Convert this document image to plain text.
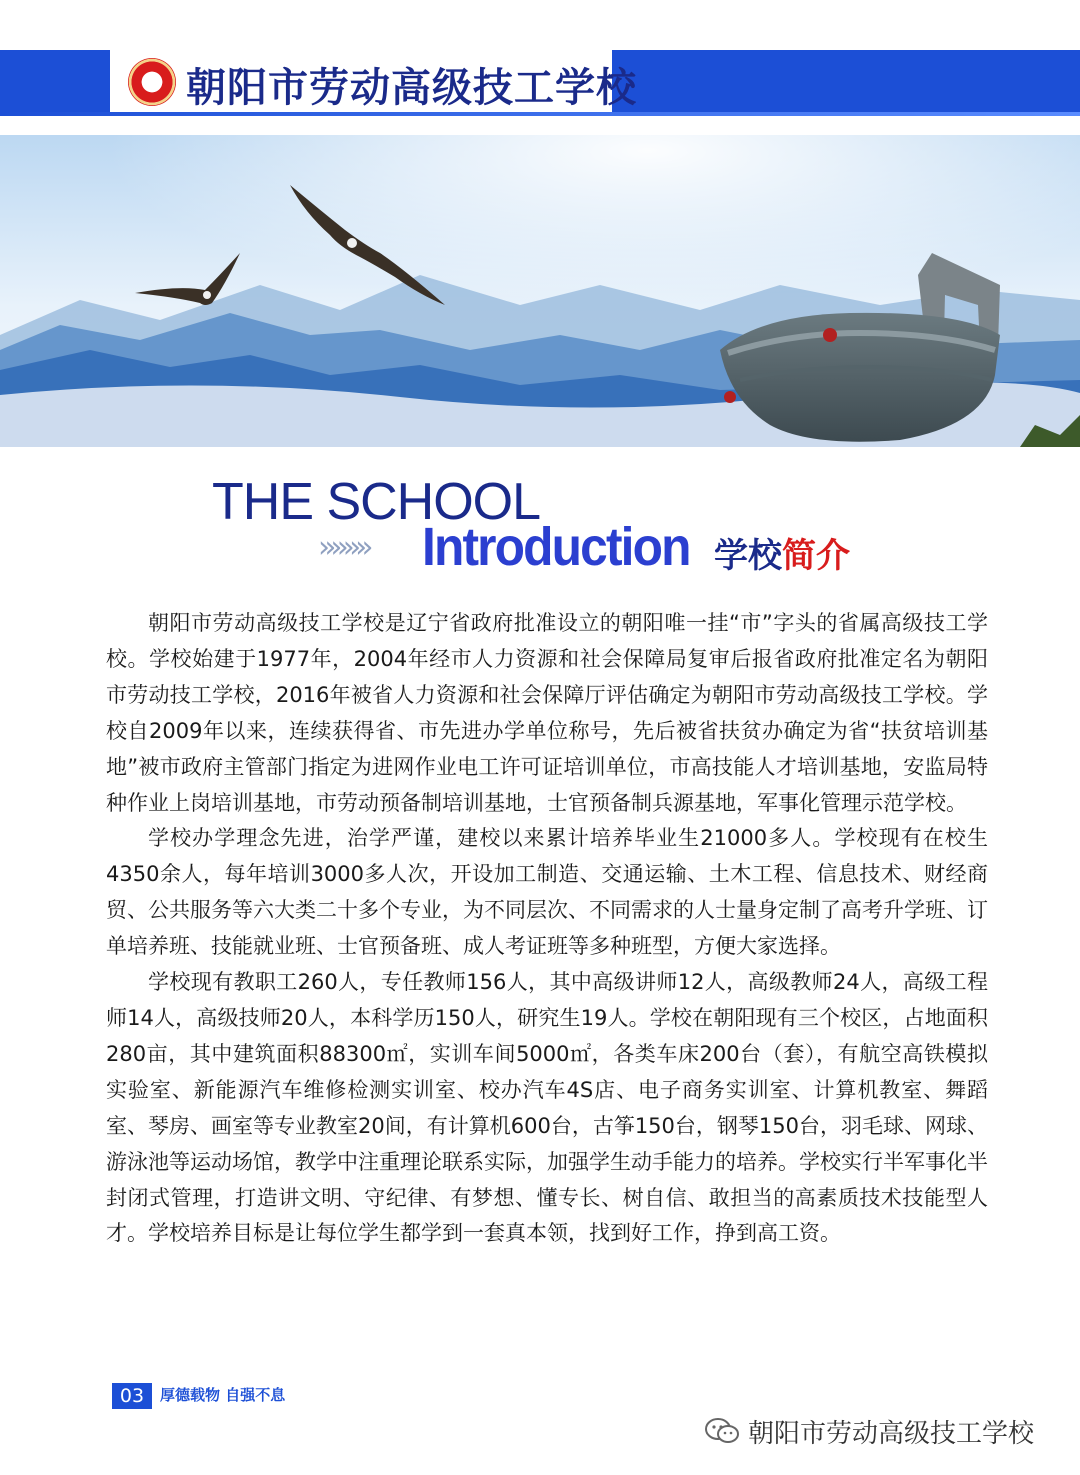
朝阳市劳动高级技工学校
THE SCHOOL
»»»» Introduction 学校简介

朝阳市劳动高级技工学校是辽宁省政府批准设立的朝阳唯一挂“市”字头的省属高级技工学校。学校始建于1977年，2004年经市人力资源和社会保障局复审后报省政府批准定名为朝阳市劳动技工学校，2016年被省人力资源和社会保障厅评估确定为朝阳市劳动高级技工学校。学校自2009年以来，连续获得省、市先进办学单位称号，先后被省扶贫办确定为省“扶贫培训基地”被市政府主管部门指定为进网作业电工许可证培训单位，市高技能人才培训基地，安监局特种作业上岗培训基地，市劳动预备制培训基地，士官预备制兵源基地，军事化管理示范学校。

学校办学理念先进，治学严谨，建校以来累计培养毕业生21000多人。学校现有在校生4350余人，每年培训3000多人次，开设加工制造、交通运输、土木工程、信息技术、财经商贸、公共服务等六大类二十多个专业，为不同层次、不同需求的人士量身定制了高考升学班、订单培养班、技能就业班、士官预备班、成人考证班等多种班型，方便大家选择。

学校现有教职工260人，专任教师156人，其中高级讲师12人，高级教师24人，高级工程师14人，高级技师20人，本科学历150人，研究生19人。学校在朝阳现有三个校区，占地面积280亩，其中建筑面积88300㎡，实训车间5000㎡，各类车床200台（套），有航空高铁模拟实验室、新能源汽车维修检测实训室、校办汽车4S店、电子商务实训室、计算机教室、舞蹈室、琴房、画室等专业教室20间，有计算机600台，古筝150台，钢琴150台，羽毛球、网球、游泳池等运动场馆，教学中注重理论联系实际，加强学生动手能力的培养。学校实行半军事化半封闭式管理，打造讲文明、守纪律、有梦想、懂专长、树自信、敢担当的高素质技术技能型人才。学校培养目标是让每位学生都学到一套真本领，找到好工作，挣到高工资。

03	厚德载物 自强不息
朝阳市劳动高级技工学校
